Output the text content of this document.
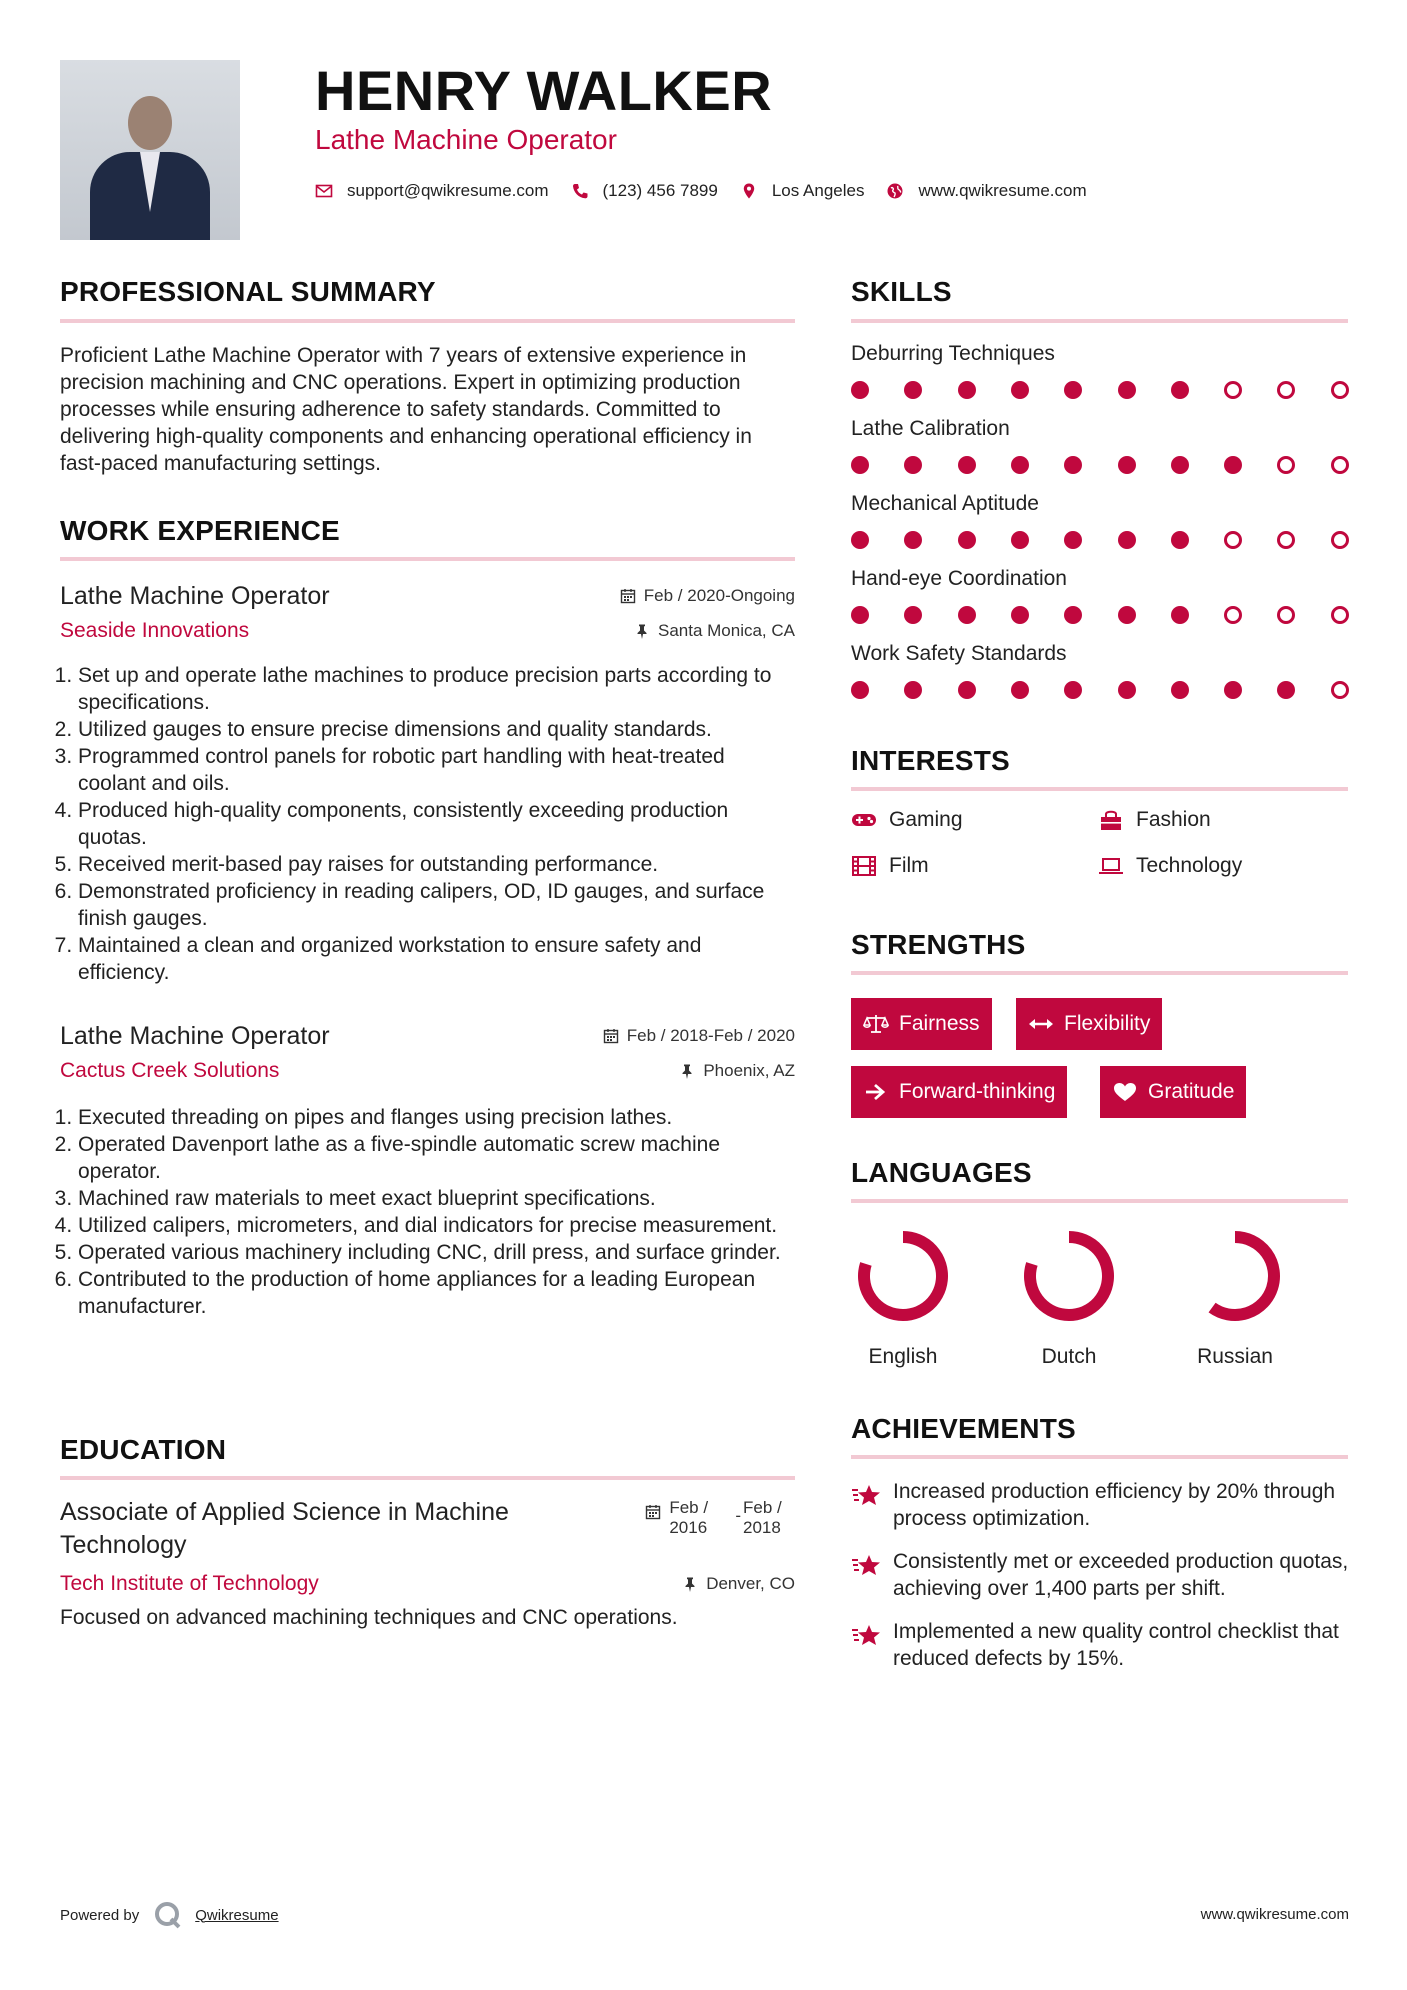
HENRY WALKER
Lathe Machine Operator
support@qwikresume.com	(123) 456 7899	Los Angeles	www.qwikresume.com
PROFESSIONAL SUMMARY
Proficient Lathe Machine Operator with 7 years of extensive experience in precision machining and CNC operations. Expert in optimizing production processes while ensuring adherence to safety standards. Committed to delivering high-quality components and enhancing operational efficiency in fast-paced manufacturing settings.
WORK EXPERIENCE
Lathe Machine Operator	Feb / 2020-Ongoing
Seaside Innovations	Santa Monica, CA
1. Set up and operate lathe machines to produce precision parts according to specifications.
2. Utilized gauges to ensure precise dimensions and quality standards.
3. Programmed control panels for robotic part handling with heat-treated coolant and oils.
4. Produced high-quality components, consistently exceeding production quotas.
5. Received merit-based pay raises for outstanding performance.
6. Demonstrated proficiency in reading calipers, OD, ID gauges, and surface finish gauges.
7. Maintained a clean and organized workstation to ensure safety and efficiency.
Lathe Machine Operator	Feb / 2018-Feb / 2020
Cactus Creek Solutions	Phoenix, AZ
1. Executed threading on pipes and flanges using precision lathes.
2. Operated Davenport lathe as a five-spindle automatic screw machine operator.
3. Machined raw materials to meet exact blueprint specifications.
4. Utilized calipers, micrometers, and dial indicators for precise measurement.
5. Operated various machinery including CNC, drill press, and surface grinder.
6. Contributed to the production of home appliances for a leading European manufacturer.
EDUCATION
Associate of Applied Science in Machine Technology
Feb /
2016
- Feb /
2018
Tech Institute of Technology	Denver, CO
Focused on advanced machining techniques and CNC operations.
SKILLS
Deburring Techniques
Lathe Calibration
Mechanical Aptitude
Hand-eye Coordination
Work Safety Standards
INTERESTS
Gaming	Fashion
Film	Technology
STRENGTHS
Fairness	Flexibility
Forward-thinking	Gratitude
LANGUAGES
English	Dutch	Russian
ACHIEVEMENTS
Increased production efficiency by 20% through process optimization.
Consistently met or exceeded production quotas, achieving over 1,400 parts per shift.
Implemented a new quality control checklist that reduced defects by 15%.
Powered by	Qwikresume	www.qwikresume.com
